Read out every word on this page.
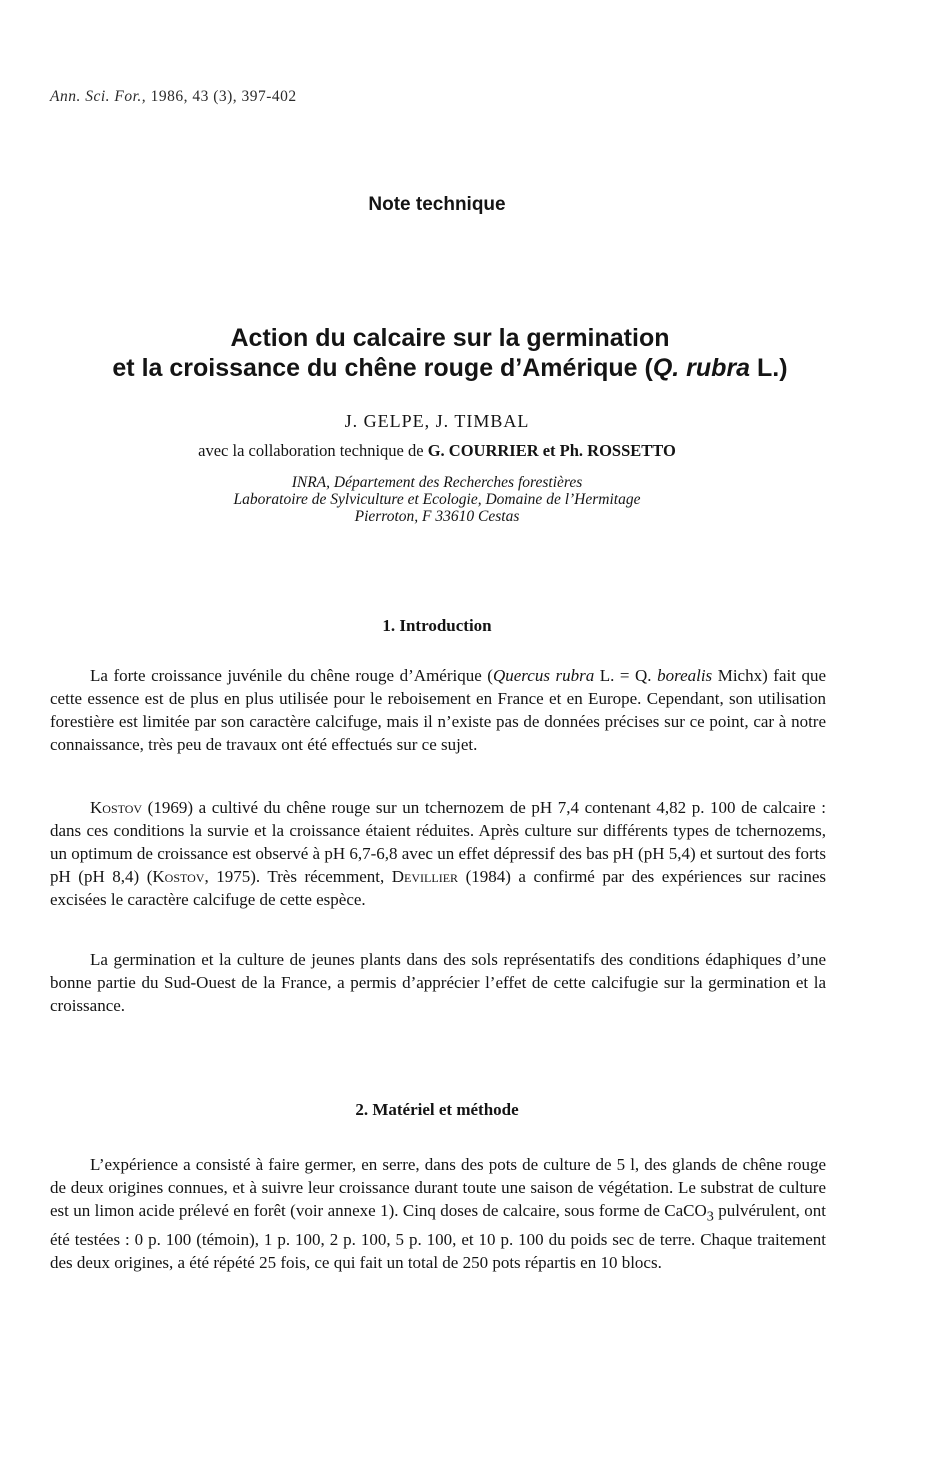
Ann. Sci. For., 1986, 43 (3), 397-402

Note technique

Action du calcaire sur la germination
et la croissance du chêne rouge d’Amérique (Q. rubra L.)

J. GELPE, J. TIMBAL

avec la collaboration technique de G. COURRIER et Ph. ROSSETTO

INRA, Département des Recherches forestières
Laboratoire de Sylviculture et Ecologie, Domaine de l’Hermitage
Pierroton, F 33610 Cestas
1. Introduction

La forte croissance juvénile du chêne rouge d’Amérique (Quercus rubra L. = Q. borealis Michx) fait que cette essence est de plus en plus utilisée pour le reboisement en France et en Europe. Cependant, son utilisation forestière est limitée par son caractère calcifuge, mais il n’existe pas de données précises sur ce point, car à notre connaissance, très peu de travaux ont été effectués sur ce sujet.

Kostov (1969) a cultivé du chêne rouge sur un tchernozem de pH 7,4 contenant 4,82 p. 100 de calcaire : dans ces conditions la survie et la croissance étaient réduites. Après culture sur différents types de tchernozems, un optimum de croissance est observé à pH 6,7-6,8 avec un effet dépressif des bas pH (pH 5,4) et surtout des forts pH (pH 8,4) (Kostov, 1975). Très récemment, Devillier (1984) a confirmé par des expériences sur racines excisées le caractère calcifuge de cette espèce.

La germination et la culture de jeunes plants dans des sols représentatifs des conditions édaphiques d’une bonne partie du Sud-Ouest de la France, a permis d’apprécier l’effet de cette calcifugie sur la germination et la croissance.

2. Matériel et méthode

L’expérience a consisté à faire germer, en serre, dans des pots de culture de 5 l, des glands de chêne rouge de deux origines connues, et à suivre leur croissance durant toute une saison de végétation. Le substrat de culture est un limon acide prélevé en forêt (voir annexe 1). Cinq doses de calcaire, sous forme de CaCO$_3$ pulvérulent, ont été testées : 0 p. 100 (témoin), 1 p. 100, 2 p. 100, 5 p. 100, et 10 p. 100 du poids sec de terre. Chaque traitement des deux origines, a été répété 25 fois, ce qui fait un total de 250 pots répartis en 10 blocs.
